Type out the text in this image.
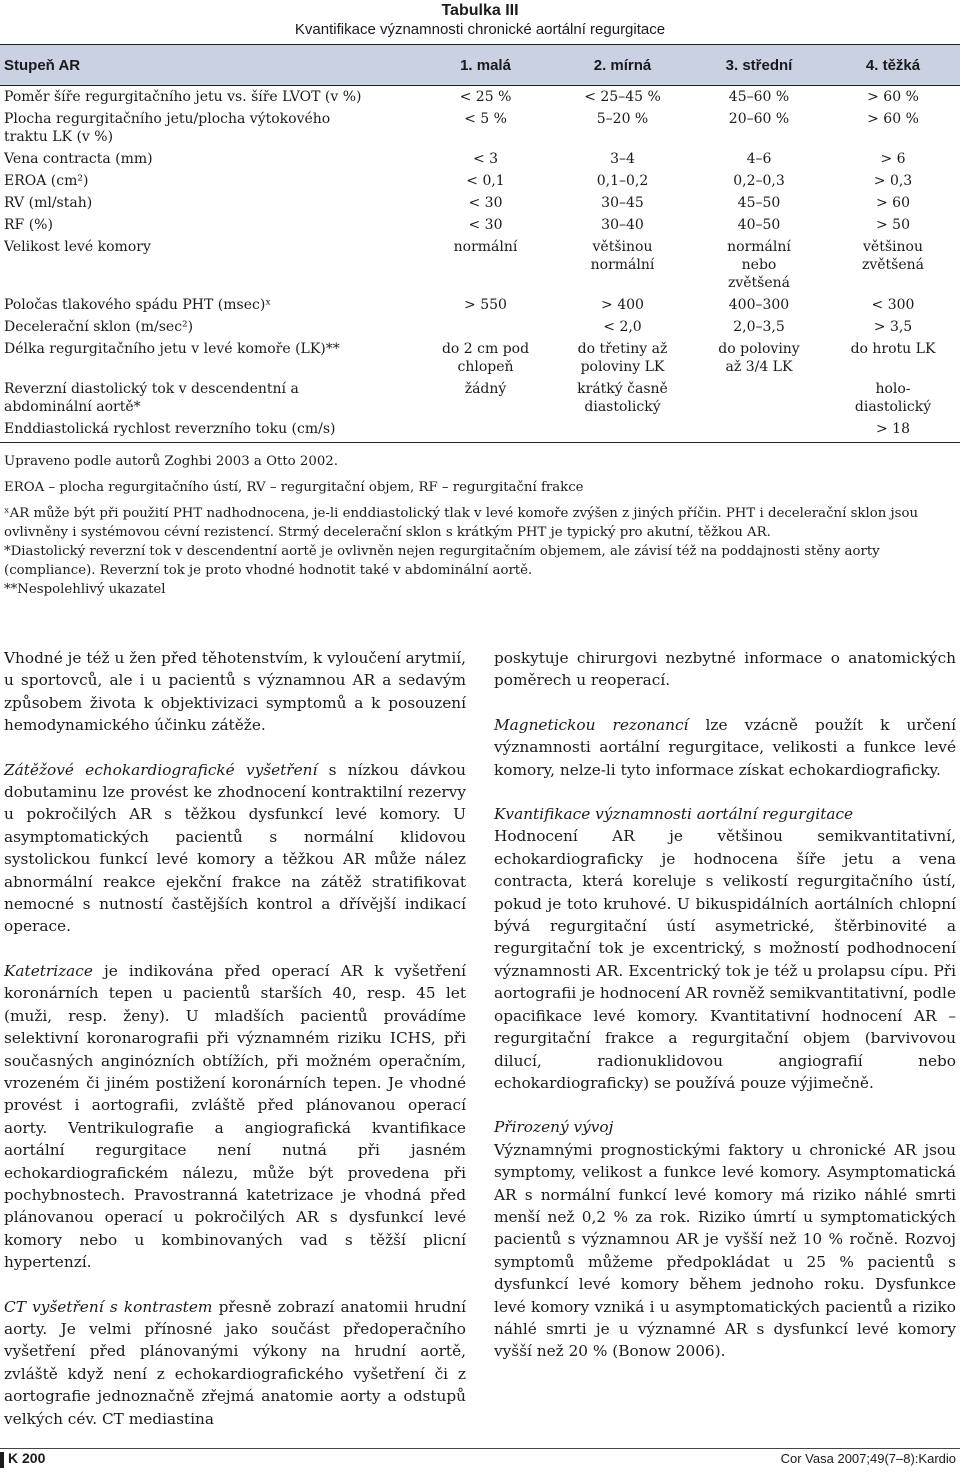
Tabulka III
Kvantifikace významnosti chronické aortální regurgitace
Stupeň AR	1. malá	2. mírná	3. střední	4. těžká
Poměr šíře regurgitačního jetu vs. šíře LVOT (v %)	< 25 %	< 25–45 %	45–60 %	> 60 %
Plocha regurgitačního jetu/plocha výtokového traktu LK (v %)	< 5 %	5–20 %	20–60 %	> 60 %
Vena contracta (mm)	< 3	3–4	4–6	> 6
EROA (cm²)	< 0,1	0,1–0,2	0,2–0,3	> 0,3
RV (ml/stah)	< 30	30–45	45–50	> 60
RF (%)	< 30	30–40	40–50	> 50
Velikost levé komory	normální	většinou normální	normální nebo zvětšená	většinou zvětšená
Poločas tlakového spádu PHT (msec)ˣ	> 550	> 400	400–300	< 300
Decelerační sklon (m/sec²)		< 2,0	2,0–3,5	> 3,5
Délka regurgitačního jetu v levé komoře (LK)**	do 2 cm pod chlopeň	do třetiny až poloviny LK	do poloviny až 3/4 LK	do hrotu LK
Reverzní diastolický tok v descendentní a abdominální aortě*	žádný	krátký časně diastolický		holo-diastolický
Enddiastolická rychlost reverzního toku (cm/s)				> 18

Upraveno podle autorů Zoghbi 2003 a Otto 2002.

EROA – plocha regurgitačního ústí, RV – regurgitační objem, RF – regurgitační frakce

ˣAR může být při použití PHT nadhodnocena, je-li enddiastolický tlak v levé komoře zvýšen z jiných příčin. PHT i decelerační sklon jsou ovlivněny i systémovou cévní rezistencí. Strmý decelerační sklon s krátkým PHT je typický pro akutní, těžkou AR.

*Diastolický reverzní tok v descendentní aortě je ovlivněn nejen regurgitačním objemem, ale závisí též na poddajnosti stěny aorty (compliance). Reverzní tok je proto vhodné hodnotit také v abdominální aortě.

**Nespolehlivý ukazatel

Vhodné je též u žen před těhotenstvím, k vyloučení arytmií, u sportovců, ale i u pacientů s významnou AR a sedavým způsobem života k objektivizaci symptomů a k posouzení hemodynamického účinku zátěže.

Zátěžové echokardiografické vyšetření s nízkou dávkou dobutaminu lze provést ke zhodnocení kontraktilní rezervy u pokročilých AR s těžkou dysfunkcí levé komory. U asymptomatických pacientů s normální klidovou systolickou funkcí levé komory a těžkou AR může nález abnormální reakce ejekční frakce na zátěž stratifikovat nemocné s nutností častějších kontrol a dřívější indikací operace.

Katetrizace je indikována před operací AR k vyšetření koronárních tepen u pacientů starších 40, resp. 45 let (muži, resp. ženy). U mladších pacientů provádíme selektivní koronarografii při významném riziku ICHS, při současných anginózních obtížích, při možném operačním, vrozeném či jiném postižení koronárních tepen. Je vhodné provést i aortografii, zvláště před plánovanou operací aorty. Ventrikulografie a angiografická kvantifikace aortální regurgitace není nutná při jasném echokardiografickém nálezu, může být provedena při pochybnostech. Pravostranná katetrizace je vhodná před plánovanou operací u pokročilých AR s dysfunkcí levé komory nebo u kombinovaných vad s těžší plicní hypertenzí.

CT vyšetření s kontrastem přesně zobrazí anatomii hrudní aorty. Je velmi přínosné jako součást předoperačního vyšetření před plánovanými výkony na hrudní aortě, zvláště když není z echokardiografického vyšetření či z aortografie jednoznačně zřejmá anatomie aorty a odstupů velkých cév. CT mediastina

poskytuje chirurgovi nezbytné informace o anatomických poměrech u reoperací.

Magnetickou rezonancí lze vzácně použít k určení významnosti aortální regurgitace, velikosti a funkce levé komory, nelze-li tyto informace získat echokardiograficky.

Kvantifikace významnosti aortální regurgitace

Hodnocení AR je většinou semikvantitativní, echokardiograficky je hodnocena šíře jetu a vena contracta, která koreluje s velikostí regurgitačního ústí, pokud je toto kruhové. U bikuspidálních aortálních chlopní bývá regurgitační ústí asymetrické, štěrbinovité a regurgitační tok je excentrický, s možností podhodnocení významnosti AR. Excentrický tok je též u prolapsu cípu. Při aortografii je hodnocení AR rovněž semikvantitativní, podle opacifikace levé komory. Kvantitativní hodnocení AR – regurgitační frakce a regurgitační objem (barvivovou dilucí, radionuklidovou angiografií nebo echokardiograficky) se používá pouze výjimečně.

Přirozený vývoj

Významnými prognostickými faktory u chronické AR jsou symptomy, velikost a funkce levé komory. Asymptomatická AR s normální funkcí levé komory má riziko náhlé smrti menší než 0,2 % za rok. Riziko úmrtí u symptomatických pacientů s významnou AR je vyšší než 10 % ročně. Rozvoj symptomů můžeme předpokládat u 25 % pacientů s dysfunkcí levé komory během jednoho roku. Dysfunkce levé komory vzniká i u asymptomatických pacientů a riziko náhlé smrti je u významné AR s dysfunkcí levé komory vyšší než 20 % (Bonow 2006).

K 200	Cor Vasa 2007;49(7–8):Kardio
